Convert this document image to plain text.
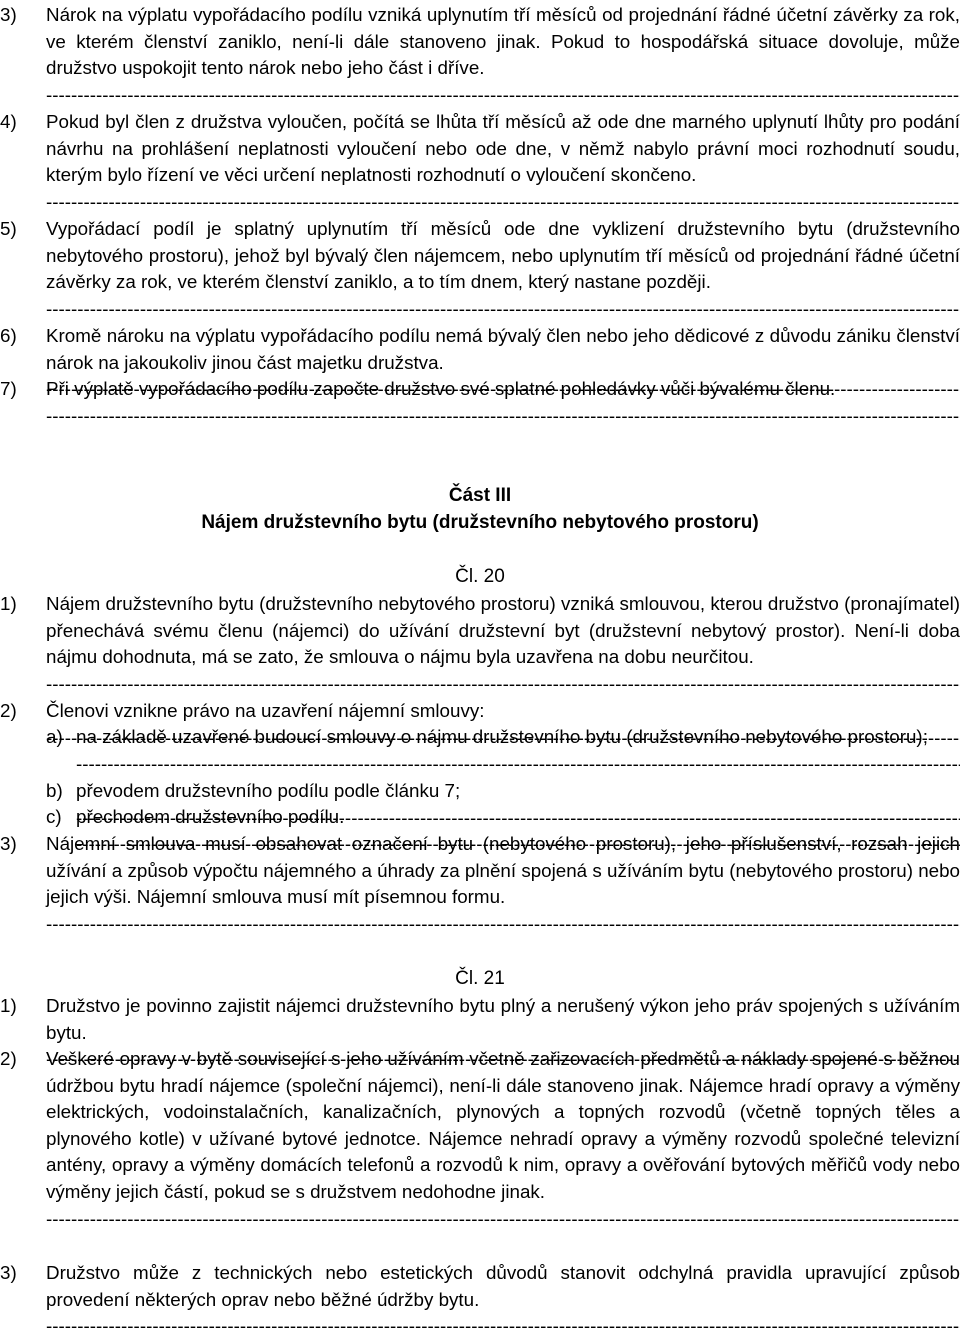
3) Nárok na výplatu vypořádacího podílu vzniká uplynutím tří měsíců od projednání řádné účetní závěrky za rok, ve kterém členství zaniklo, není-li dále stanoveno jinak. Pokud to hospodářská situace dovoluje, může družstvo uspokojit tento nárok nebo jeho část i dříve.
-----
4) Pokud byl člen z družstva vyloučen, počítá se lhůta tří měsíců až ode dne marného uplynutí lhůty pro podání návrhu na prohlášení neplatnosti vyloučení nebo ode dne, v němž nabylo právní moci rozhodnutí soudu, kterým bylo řízení ve věci určení neplatnosti rozhodnutí o vyloučení skončeno.
-----
5) Vypořádací podíl je splatný uplynutím tří měsíců ode dne vyklizení družstevního bytu (družstevního nebytového prostoru), jehož byl bývalý člen nájemcem, nebo uplynutím tří měsíců od projednání řádné účetní závěrky za rok, ve kterém členství zaniklo, a to tím dnem, který nastane později.
-----
6) Kromě nároku na výplatu vypořádacího podílu nemá bývalý člen nebo jeho dědicové z důvodu zániku členství nárok na jakoukoliv jinou část majetku družstva.
-----
7) Při výplatě vypořádacího podílu započte družstvo své splatné pohledávky vůči bývalému členu.
-----
Část III
Nájem družstevního bytu (družstevního nebytového prostoru)
Čl. 20
1) Nájem družstevního bytu (družstevního nebytového prostoru) vzniká smlouvou, kterou družstvo (pronajímatel) přenechává svému členu (nájemci) do užívání družstevní byt (družstevní nebytový prostor). Není-li doba nájmu dohodnuta, má se zato, že smlouva o nájmu byla uzavřena na dobu neurčitou.
-----
2) Členovi vznikne právo na uzavření nájemní smlouvy:
-----
a) na základě uzavřené budoucí smlouvy o nájmu družstevního bytu (družstevního nebytového prostoru);
-----
b) převodem družstevního podílu podle článku 7;
-----
c) přechodem družstevního podílu.
-----
3) Nájemní smlouva musí obsahovat označení bytu (nebytového prostoru), jeho příslušenství, rozsah jejich užívání a způsob výpočtu nájemného a úhrady za plnění spojená s užíváním bytu (nebytového prostoru) nebo jejich výši. Nájemní smlouva musí mít písemnou formu.
-----
Čl. 21
1) Družstvo je povinno zajistit nájemci družstevního bytu plný a nerušený výkon jeho práv spojených s užíváním bytu.
-----
2) Veškeré opravy v bytě související s jeho užíváním včetně zařizovacích předmětů a náklady spojené s běžnou údržbou bytu hradí nájemce (společní nájemci), není-li dále stanoveno jinak. Nájemce hradí opravy a výměny elektrických, vodoinstalačních, kanalizačních, plynových a topných rozvodů (včetně topných těles a plynového kotle) v užívané bytové jednotce. Nájemce nehradí opravy a výměny rozvodů společné televizní antény, opravy a výměny domácích telefonů a rozvodů k nim, opravy a ověřování bytových měřičů vody nebo výměny jejich částí, pokud se s družstvem nedohodne jinak.
-----
3) Družstvo může z technických nebo estetických důvodů stanovit odchylná pravidla upravující způsob provedení některých oprav nebo běžné údržby bytu.
-----
